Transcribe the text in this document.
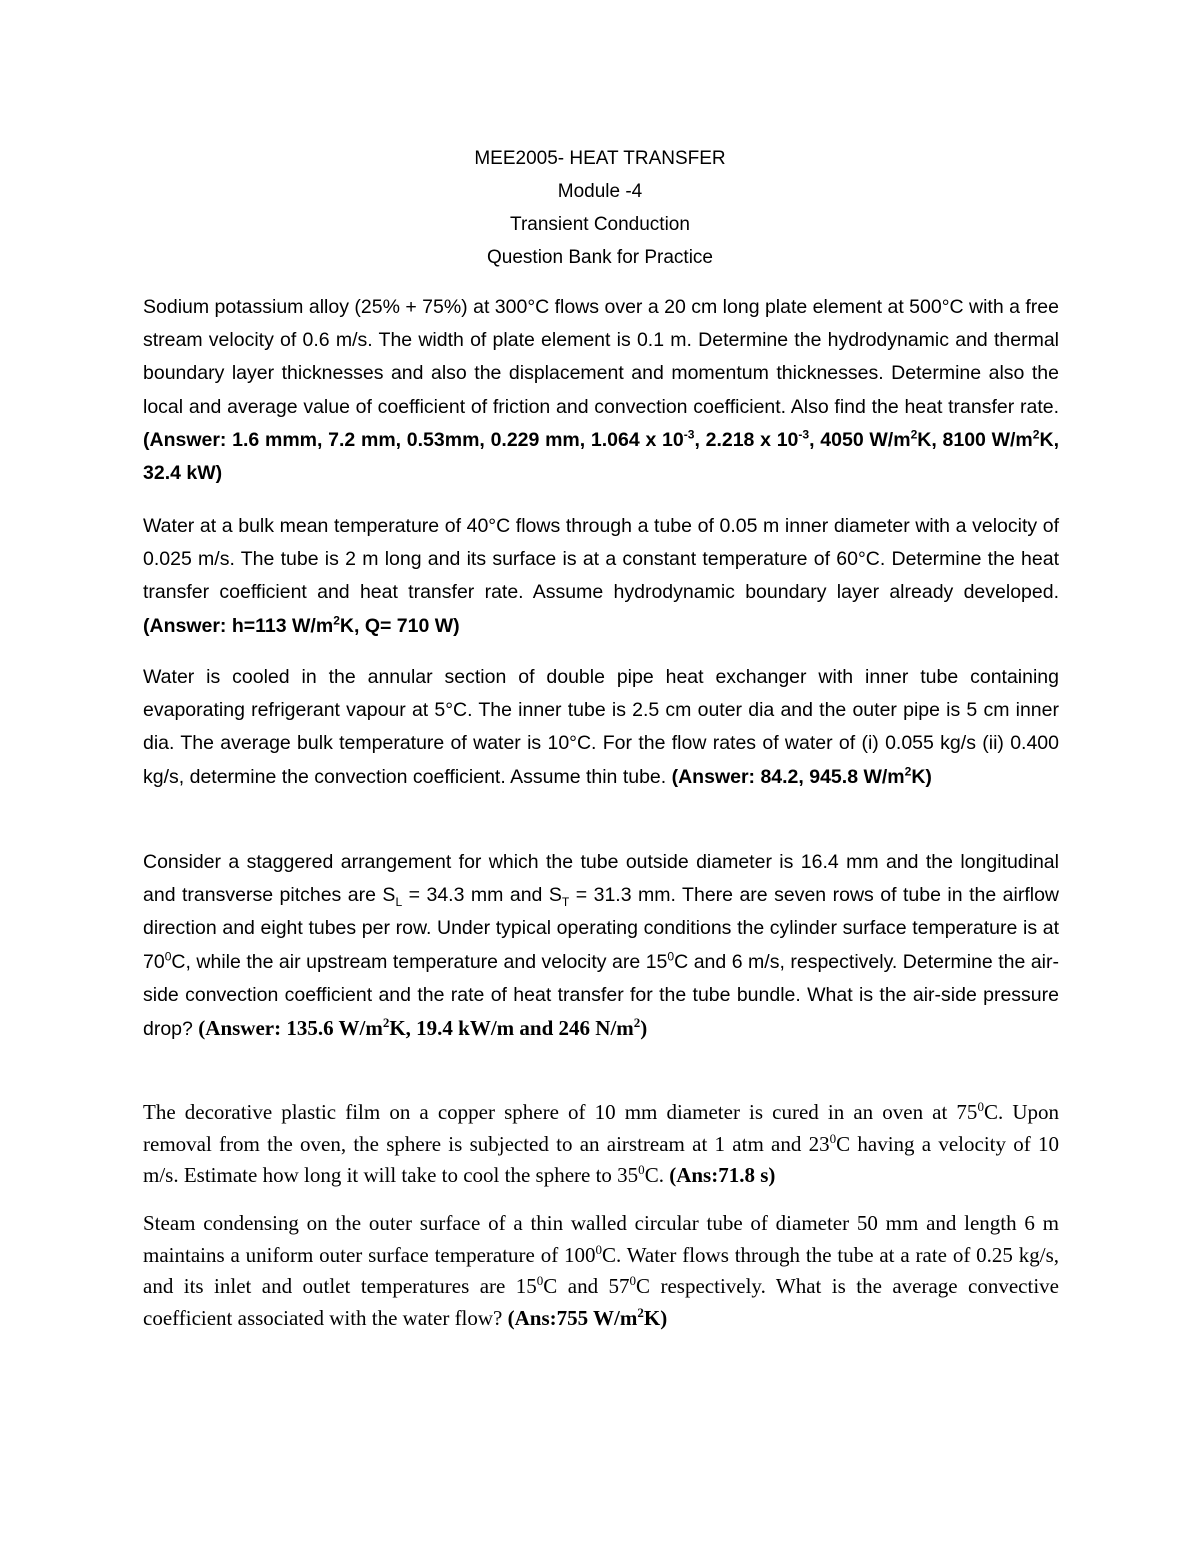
MEE2005- HEAT TRANSFER
Module -4
Transient Conduction
Question Bank for Practice

Sodium potassium alloy (25% + 75%) at 300°C flows over a 20 cm long plate element at 500°C with a free stream velocity of 0.6 m/s. The width of plate element is 0.1 m. Determine the hydrodynamic and thermal boundary layer thicknesses and also the displacement and momentum thicknesses. Determine also the local and average value of coefficient of friction and convection coefficient. Also find the heat transfer rate.(Answer: 1.6 mmm, 7.2 mm, 0.53mm, 0.229 mm, 1.064 x $10^{-3}$, 2.218 x $10^{-3}$, 4050 $W/m^2K$, 8100 $W/m^2K$, 32.4 kW)

Water at a bulk mean temperature of 40°C flows through a tube of 0.05 m inner diameter with a velocity of 0.025 m/s. The tube is 2 m long and its surface is at a constant temperature of 60°C. Determine the heat transfer coefficient and heat transfer rate. Assume hydrodynamic boundary layer already developed. (Answer: h=113 $W/m^2K$, Q= 710 W)

Water is cooled in the annular section of double pipe heat exchanger with inner tube containing evaporating refrigerant vapour at 5°C. The inner tube is 2.5 cm outer dia and the outer pipe is 5 cm inner dia. The average bulk temperature of water is 10°C. For the flow rates of water of (i) 0.055 kg/s (ii) 0.400 kg/s, determine the convection coefficient. Assume thin tube. (Answer: 84.2, 945.8 $W/m^2K$)

Consider a staggered arrangement for which the tube outside diameter is 16.4 mm and the longitudinal and transverse pitches are $S_L = 34.3$ mm and $S_T = 31.3$ mm. There are seven rows of tube in the airflow direction and eight tubes per row. Under typical operating conditions the cylinder surface temperature is at $70^0C$, while the air upstream temperature and velocity are $15^0C$ and 6 m/s, respectively. Determine the air-side convection coefficient and the rate of heat transfer for the tube bundle. What is the air-side pressure drop? (Answer: 135.6 $W/m^2K$, 19.4 kW/m and 246 $N/m^2$)

The decorative plastic film on a copper sphere of 10 mm diameter is cured in an oven at $75^0C$. Upon removal from the oven, the sphere is subjected to an airstream at 1 atm and $23^0C$ having a velocity of 10 m/s. Estimate how long it will take to cool the sphere to $35^0C$. (Ans:71.8 s)

Steam condensing on the outer surface of a thin walled circular tube of diameter 50 mm and length 6 m maintains a uniform outer surface temperature of $100^0C$. Water flows through the tube at a rate of 0.25 kg/s, and its inlet and outlet temperatures are $15^0C$ and $57^0C$ respectively. What is the average convective coefficient associated with the water flow? (Ans:755 $W/m^2K$)
